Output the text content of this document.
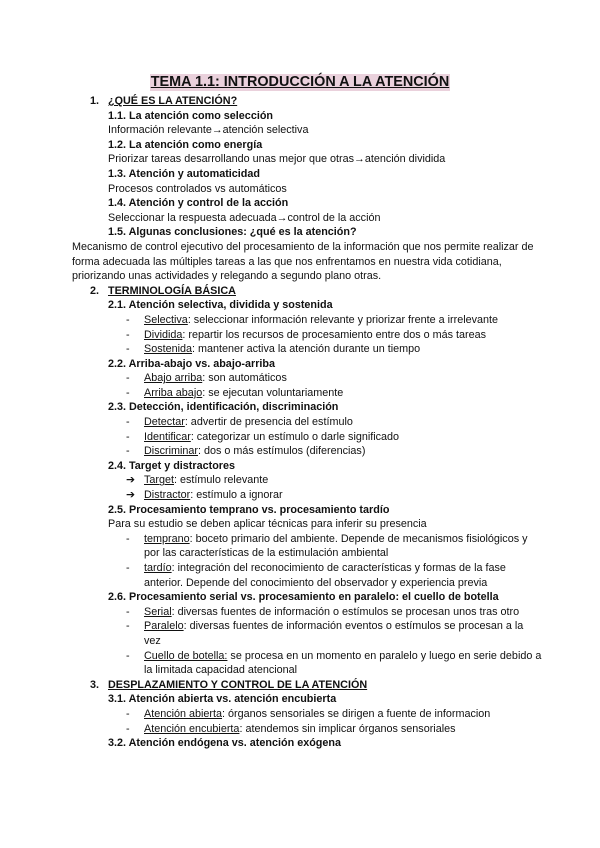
TEMA 1.1: INTRODUCCIÓN A LA ATENCIÓN
1. ¿QUÉ ES LA ATENCIÓN?
1.1. La atención como selección
Información relevante→atención selectiva
1.2. La atención como energía
Priorizar tareas desarrollando unas mejor que otras→atención dividida
1.3. Atención y automaticidad
Procesos controlados vs automáticos
1.4. Atención y control de la acción
Seleccionar la respuesta adecuada→control de la acción
1.5. Algunas conclusiones: ¿qué es la atención?
Mecanismo de control ejecutivo del procesamiento de la información que nos permite realizar de forma adecuada las múltiples tareas a las que nos enfrentamos en nuestra vida cotidiana, priorizando unas actividades y relegando a segundo plano otras.
2. TERMINOLOGÍA BÁSICA
2.1. Atención selectiva, dividida y sostenida
-	Selectiva: seleccionar información relevante y priorizar frente a irrelevante
-	Dividida: repartir los recursos de procesamiento entre dos o más tareas
-	Sostenida: mantener activa la atención durante un tiempo
2.2. Arriba-abajo vs. abajo-arriba
-	Abajo arriba: son automáticos
-	Arriba abajo: se ejecutan voluntariamente
2.3. Detección, identificación, discriminación
-	Detectar: advertir de presencia del estímulo
-	Identificar: categorizar un estímulo o darle significado
-	Discriminar: dos o más estímulos (diferencias)
2.4. Target y distractores
➔ Target: estímulo relevante
➔ Distractor: estímulo a ignorar
2.5. Procesamiento temprano vs. procesamiento tardío
Para su estudio se deben aplicar técnicas para inferir su presencia
-	temprano: boceto primario del ambiente. Depende de mecanismos fisiológicos y por las características de la estimulación ambiental
-	tardío: integración del reconocimiento de características y formas de la fase anterior. Depende del conocimiento del observador y experiencia previa
2.6. Procesamiento serial vs. procesamiento en paralelo: el cuello de botella
-	Serial: diversas fuentes de información o estímulos se procesan unos tras otro
-	Paralelo: diversas fuentes de información eventos o estímulos se procesan a la vez
-	Cuello de botella: se procesa en un momento en paralelo y luego en serie debido a la limitada capacidad atencional
3. DESPLAZAMIENTO Y CONTROL DE LA ATENCIÓN
3.1. Atención abierta vs. atención encubierta
-	Atención abierta: órganos sensoriales se dirigen a fuente de informacion
-	Atención encubierta: atendemos sin implicar órganos sensoriales
3.2. Atención endógena vs. atención exógena
